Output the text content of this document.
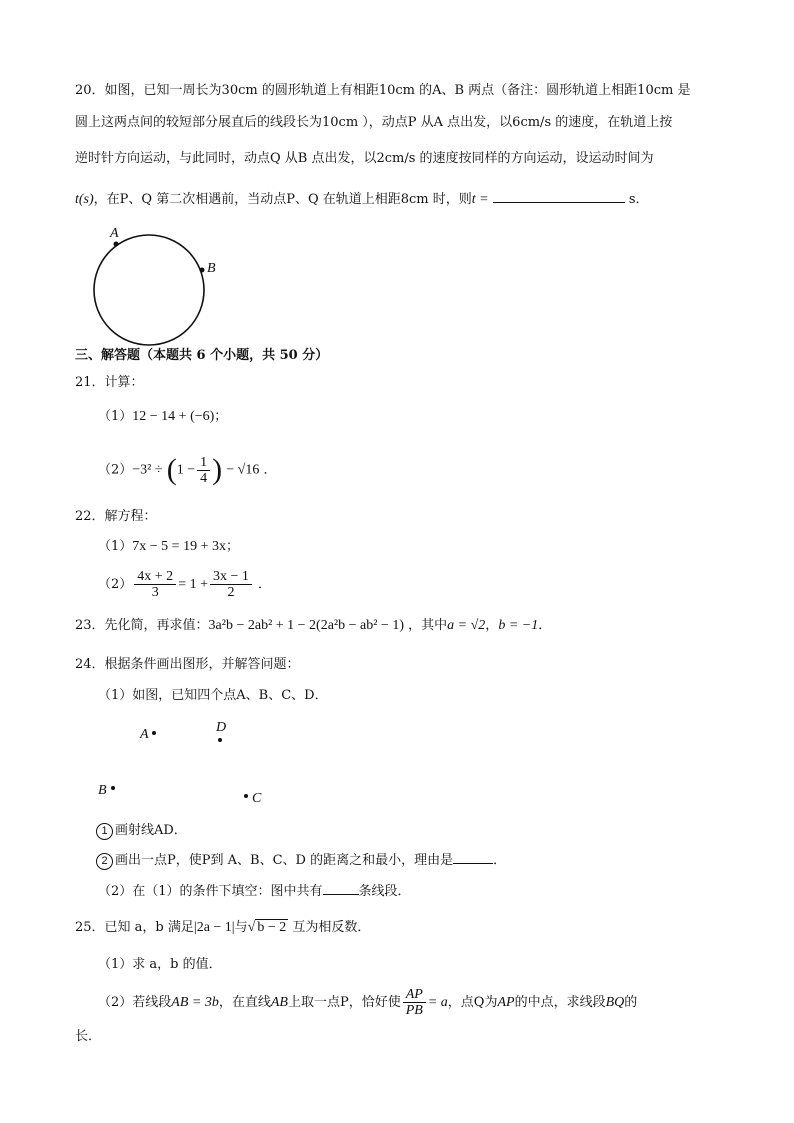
20．如图，已知一周长为30cm 的圆形轨道上有相距10cm 的A、B 两点（备注：圆形轨道上相距10cm 是
圆上这两点间的较短部分展直后的线段长为10cm ），动点P 从A 点出发，以6cm/s 的速度，在轨道上按
逆时针方向运动，与此同时，动点Q 从B 点出发，以2cm/s 的速度按同样的方向运动，设运动时间为
t(s)，在P、Q 第二次相遇前，当动点P、Q 在轨道上相距8cm 时，则t =	s．
A
B
三、解答题（本题共 6 个小题，共 50 分）
21．计算：
（1）12 − 14 + (−6)；
$(2)-3^2 \div (1 - \frac{1}{4}$ ) − √16 ．
22．解方程：
（1）7x − 5 = 19 + 3x；
$(2) \frac{4x + 2}{3} = 1 + \frac{3x - 1}{2}$ ．
23．先化简，再求值：3a²b − 2ab² + 1 − 2(2a²b − ab² − 1) ，其中a = √2，b = −1．
24．根据条件画出图形，并解答问题：
（1）如图，已知四个点A、B、C、D．
A	D
B
C
1 画射线AD．
2 画出一点P，使P到 A、B、C、D 的距离之和最小，理由是	．
（2）在（1）的条件下填空：图中共有	条线段．
25．已知 a，b 满足|2a − 1|与√ b − 2 互为相反数．
（1）求 a，b 的值．
（2）若线段AB = 3b，在直线AB上取一点P，恰好使 $\frac{AP}{PB} = a$，点Q为AP的中点，求线段BQ的
长．
